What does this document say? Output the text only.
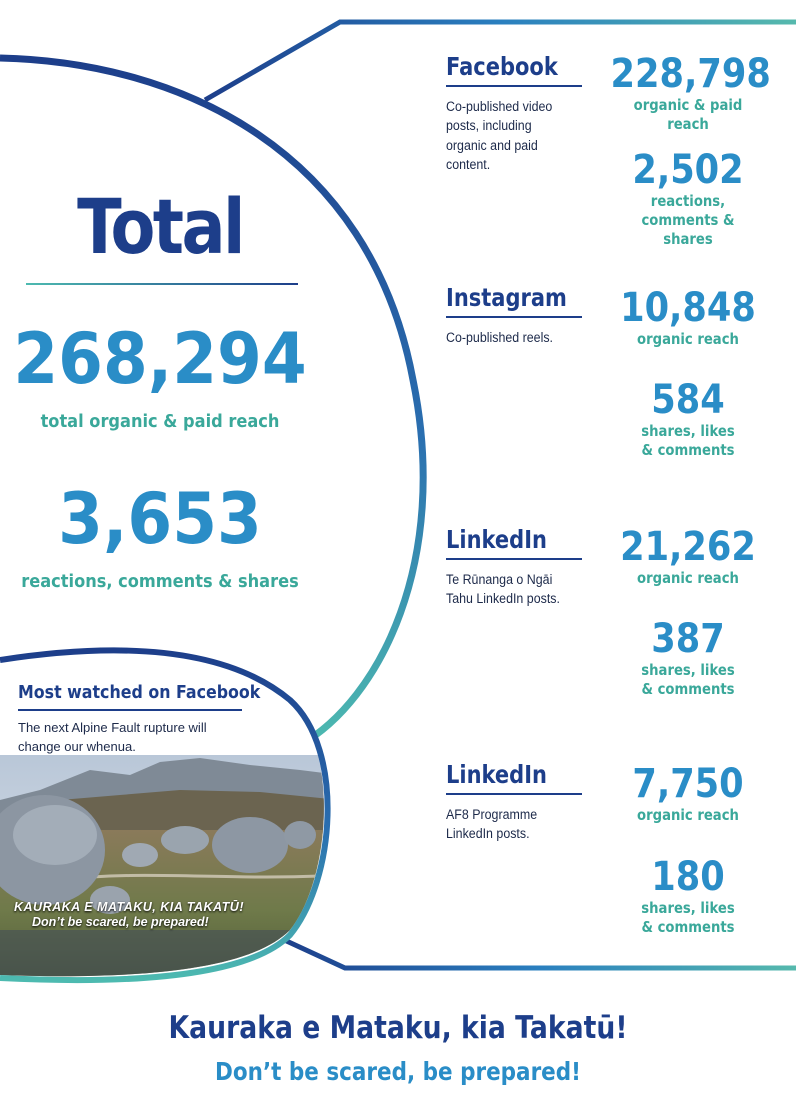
Total
268,294
total organic & paid reach
3,653
reactions, comments & shares
Most watched on Facebook
The next Alpine Fault rupture will change our whenua.
KAURAKA E MATAKU, KIA TAKATŪ!
Don’t be scared, be prepared!
Facebook
Co-published video posts, including organic and paid content.
228,798
organic & paid reach
2,502
reactions, comments & shares
Instagram
Co-published reels.
10,848
organic reach
584
shares, likes & comments
LinkedIn
Te Rūnanga o Ngāi Tahu LinkedIn posts.
21,262
organic reach
387
shares, likes & comments
LinkedIn
AF8 Programme LinkedIn posts.
7,750
organic reach
180
shares, likes & comments
Kauraka e Mataku, kia Takatū!
Don’t be scared, be prepared!
